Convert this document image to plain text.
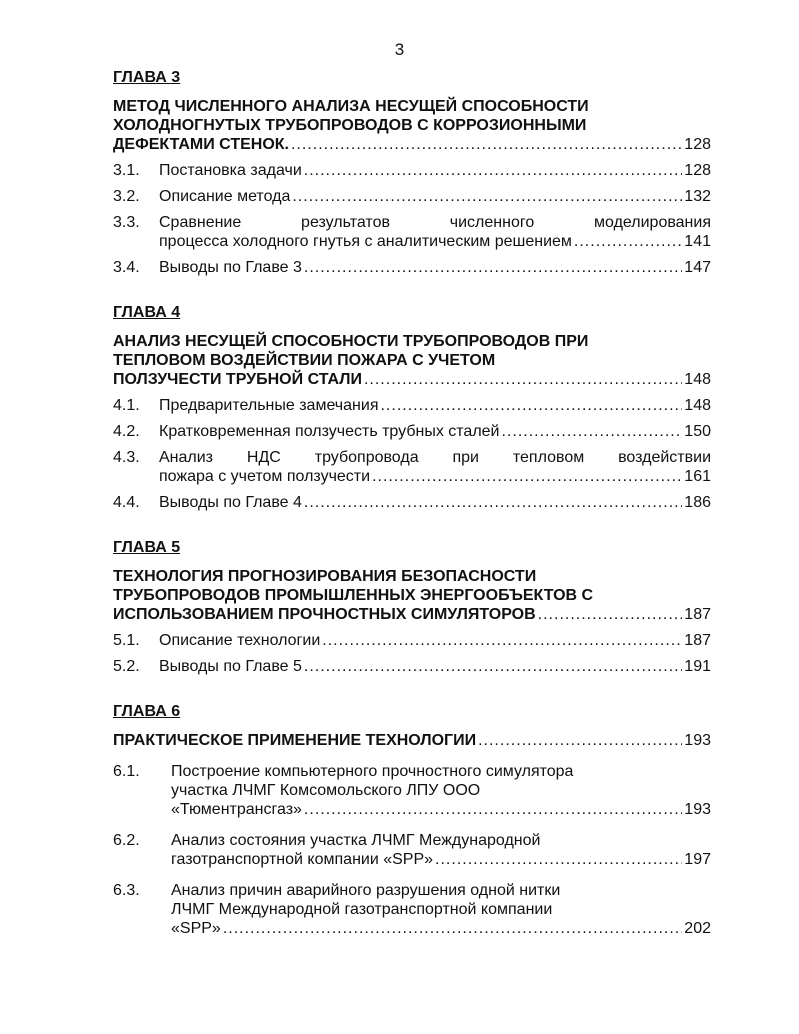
3
ГЛАВА 3
МЕТОД ЧИСЛЕННОГО АНАЛИЗА НЕСУЩЕЙ СПОСОБНОСТИ
ХОЛОДНОГНУТЫХ ТРУБОПРОВОДОВ С КОРРОЗИОННЫМИ
ДЕФЕКТАМИ СТЕНОК. .....	128
3.1.	Постановка задачи .....	128
3.2.	Описание метода .....	132
3.3.	Сравнение результатов численного моделирования
процесса холодного гнутья с аналитическим решением .....	141
3.4.	Выводы по Главе 3 .....	147
ГЛАВА 4
АНАЛИЗ НЕСУЩЕЙ СПОСОБНОСТИ ТРУБОПРОВОДОВ ПРИ
ТЕПЛОВОМ ВОЗДЕЙСТВИИ ПОЖАРА С УЧЕТОМ
ПОЛЗУЧЕСТИ ТРУБНОЙ СТАЛИ .....	148
4.1.	Предварительные замечания .....	148
4.2.	Кратковременная ползучесть трубных сталей .....	150
4.3.	Анализ НДС трубопровода при тепловом воздействии
пожара с учетом ползучести .....	161
4.4.	Выводы по Главе 4 .....	186
ГЛАВА 5
ТЕХНОЛОГИЯ ПРОГНОЗИРОВАНИЯ БЕЗОПАСНОСТИ
ТРУБОПРОВОДОВ ПРОМЫШЛЕННЫХ ЭНЕРГООБЪЕКТОВ С
ИСПОЛЬЗОВАНИЕМ ПРОЧНОСТНЫХ СИМУЛЯТОРОВ .....	187
5.1.	Описание технологии .....	187
5.2.	Выводы по Главе 5 .....	191
ГЛАВА 6
ПРАКТИЧЕСКОЕ ПРИМЕНЕНИЕ ТЕХНОЛОГИИ .....	193
6.1.	Построение компьютерного прочностного симулятора
участка ЛЧМГ Комсомольского ЛПУ ООО
«Тюментрансгаз» .....	193
6.2.	Анализ состояния участка ЛЧМГ Международной
газотранспортной компании «SPP» .....	197
6.3.	Анализ причин аварийного разрушения одной нитки
ЛЧМГ Международной газотранспортной компании
«SPP» .....	202
